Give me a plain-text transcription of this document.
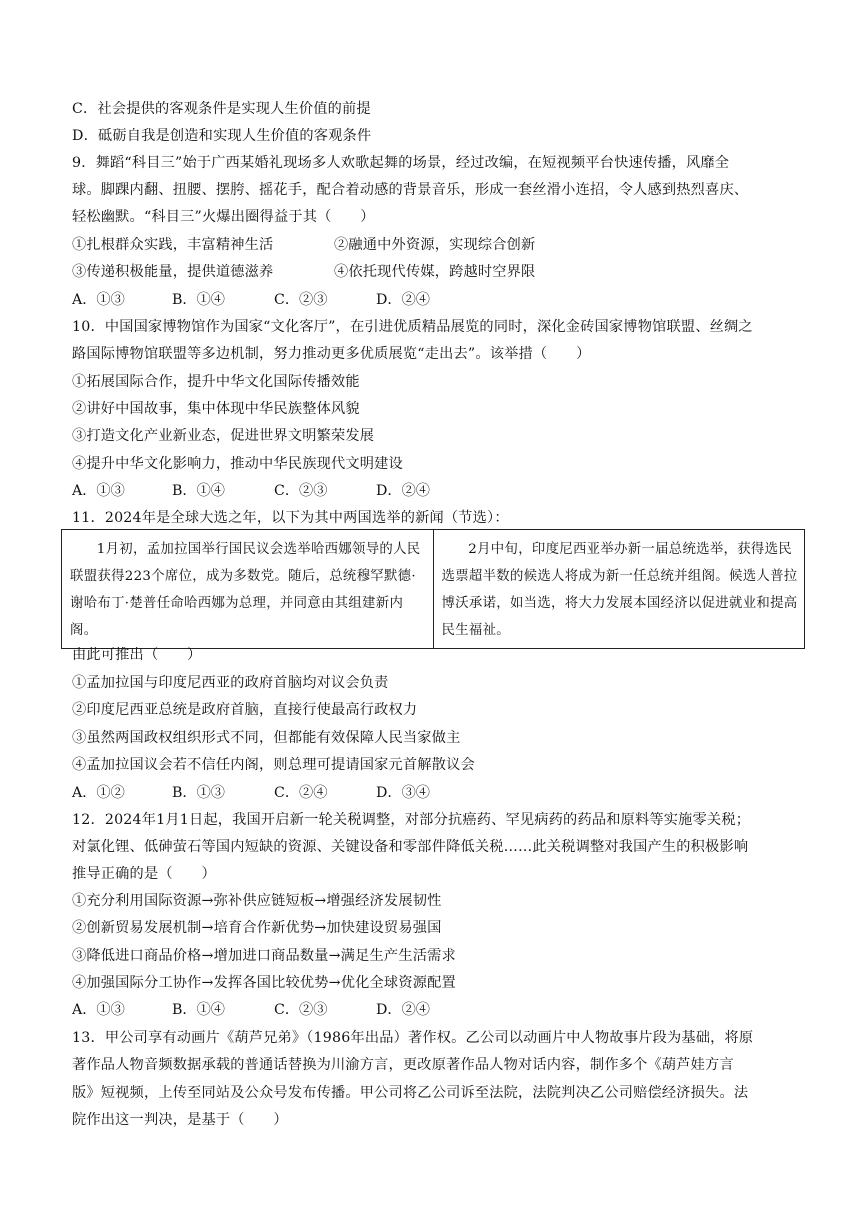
C．社会提供的客观条件是实现人生价值的前提
D．砥砺自我是创造和实现人生价值的客观条件
9．舞蹈“科目三”始于广西某婚礼现场多人欢歌起舞的场景，经过改编，在短视频平台快速传播，风靡全
球。脚踝内翻、扭腰、摆胯、摇花手，配合着动感的背景音乐，形成一套丝滑小连招，令人感到热烈喜庆、
轻松幽默。“科目三”火爆出圈得益于其（　　）
①扎根群众实践，丰富精神生活	②融通中外资源，实现综合创新
③传递积极能量，提供道德滋养	④依托现代传媒，跨越时空界限
A．①③	B．①④	C．②③	D．②④
10．中国国家博物馆作为国家“文化客厅”，在引进优质精品展览的同时，深化金砖国家博物馆联盟、丝绸之
路国际博物馆联盟等多边机制，努力推动更多优质展览“走出去”。该举措（　　）
①拓展国际合作，提升中华文化国际传播效能
②讲好中国故事，集中体现中华民族整体风貌
③打造文化产业新业态，促进世界文明繁荣发展
④提升中华文化影响力，推动中华民族现代文明建设
A．①③	B．①④	C．②③	D．②④
11．2024年是全球大选之年，以下为其中两国选举的新闻（节选）：
1月初，孟加拉国举行国民议会选举哈西娜领导的人民联盟获得223个席位，成为多数党。随后，总统穆罕默德·谢哈布丁·楚普任命哈西娜为总理，并同意由其组建新内阁。

2月中旬，印度尼西亚举办新一届总统选举，获得选民选票超半数的候选人将成为新一任总统并组阁。候选人普拉博沃承诺，如当选，将大力发展本国经济以促进就业和提高民生福祉。
由此可推出（　　）
①孟加拉国与印度尼西亚的政府首脑均对议会负责
②印度尼西亚总统是政府首脑，直接行使最高行政权力
③虽然两国政权组织形式不同，但都能有效保障人民当家做主
④孟加拉国议会若不信任内阁，则总理可提请国家元首解散议会
A．①②	B．①③	C．②④	D．③④
12．2024年1月1日起，我国开启新一轮关税调整，对部分抗癌药、罕见病药的药品和原料等实施零关税；
对氯化锂、低砷萤石等国内短缺的资源、关键设备和零部件降低关税……此关税调整对我国产生的积极影响
推导正确的是（　　）
①充分利用国际资源→弥补供应链短板→增强经济发展韧性
②创新贸易发展机制→培育合作新优势→加快建设贸易强国
③降低进口商品价格→增加进口商品数量→满足生产生活需求
④加强国际分工协作→发挥各国比较优势→优化全球资源配置
A．①③	B．①④	C．②③	D．②④
13．甲公司享有动画片《葫芦兄弟》（1986年出品）著作权。乙公司以动画片中人物故事片段为基础，将原
著作品人物音频数据承载的普通话替换为川渝方言，更改原著作品人物对话内容，制作多个《葫芦娃方言
版》短视频，上传至同站及公众号发布传播。甲公司将乙公司诉至法院，法院判决乙公司赔偿经济损失。法
院作出这一判决，是基于（　　）
